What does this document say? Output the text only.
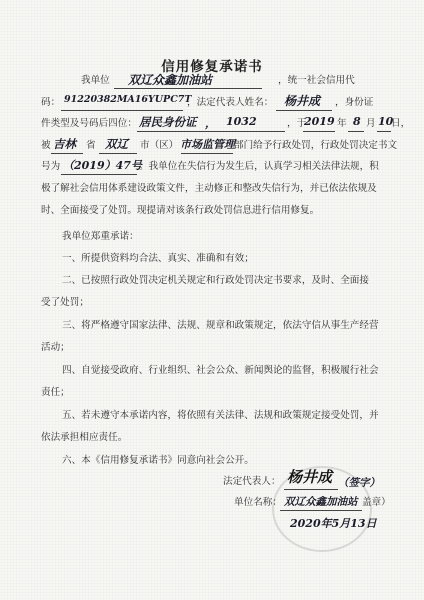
信用修复承诺书
我单位 双辽众鑫加油站	，统一社会信用代
码： 91220382MA16YUPC7T
，法定代表人姓名： 杨井成 ，身份证
件类型及号码后四位： 居民身份证 ， 1032	，于
2019 年 8 月 10
日，
被 吉林 省 双辽 市（区） 市场监管理 部门给予行政处罚，行政处罚决定书文
号为 （2019）47号
。我单位在失信行为发生后，认真学习相关法律法规，积
极了解社会信用体系建设政策文件，主动修正和整改失信行为，并已依法依规及
时、全面接受了处罚。现提请对该条行政处罚信息进行信用修复。
我单位郑重承诺：
一、所提供资料均合法、真实、准确和有效；
二、已按照行政处罚决定机关规定和行政处罚决定书要求，及时、全面接
受了处罚；
三、将严格遵守国家法律、法规、规章和政策规定，依法守信从事生产经营
活动；
四、自觉接受政府、行业组织、社会公众、新闻舆论的监督，积极履行社会
责任；
五、若未遵守本承诺内容，将依照有关法律、法规和政策规定接受处罚，并
依法承担相应责任。
六、本《信用修复承诺书》同意向社会公开。
法定代表人： 杨井成 （签字）
单位名称： 双辽众鑫加油站 盖章）
2020年5月13日
